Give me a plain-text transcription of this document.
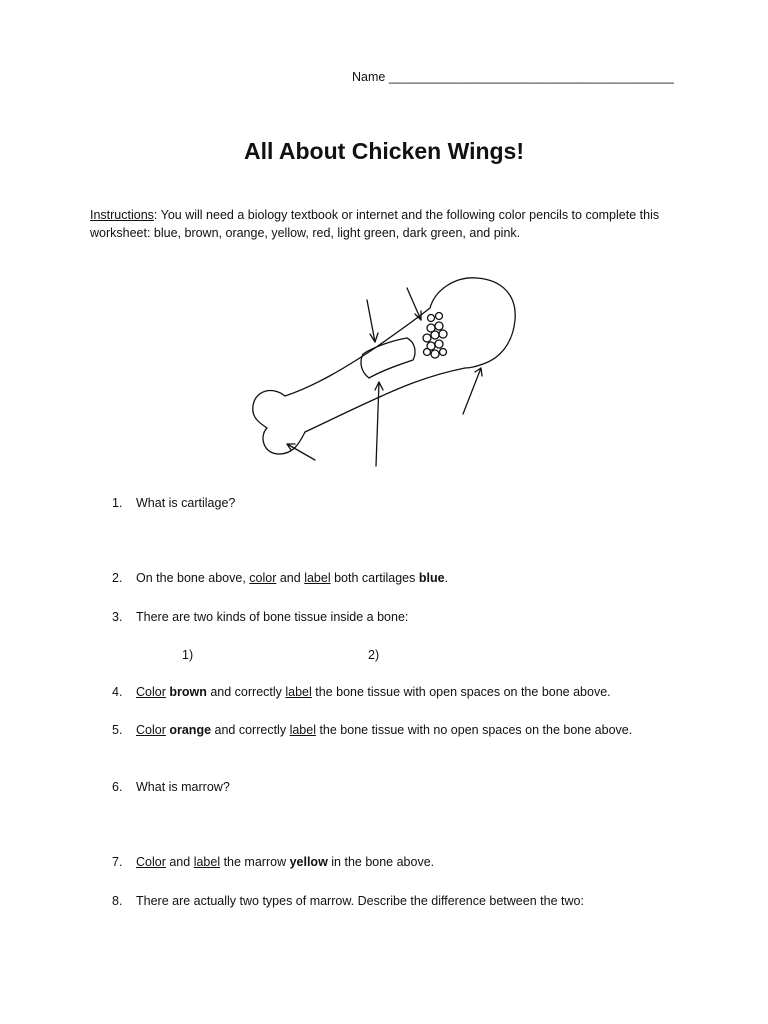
Name _________________________________________
All About Chicken Wings!
Instructions: You will need a biology textbook or internet and the following color pencils to complete this worksheet: blue, brown, orange, yellow, red, light green, dark green, and pink.
1.	What is cartilage?
2.	On the bone above, color and label both cartilages blue.
3.	There are two kinds of bone tissue inside a bone:
1)	2)
4.	Color brown and correctly label the bone tissue with open spaces on the bone above.
5.	Color orange and correctly label the bone tissue with no open spaces on the bone above.
6.	What is marrow?
7.	Color and label the marrow yellow in the bone above.
8.	There are actually two types of marrow. Describe the difference between the two:
